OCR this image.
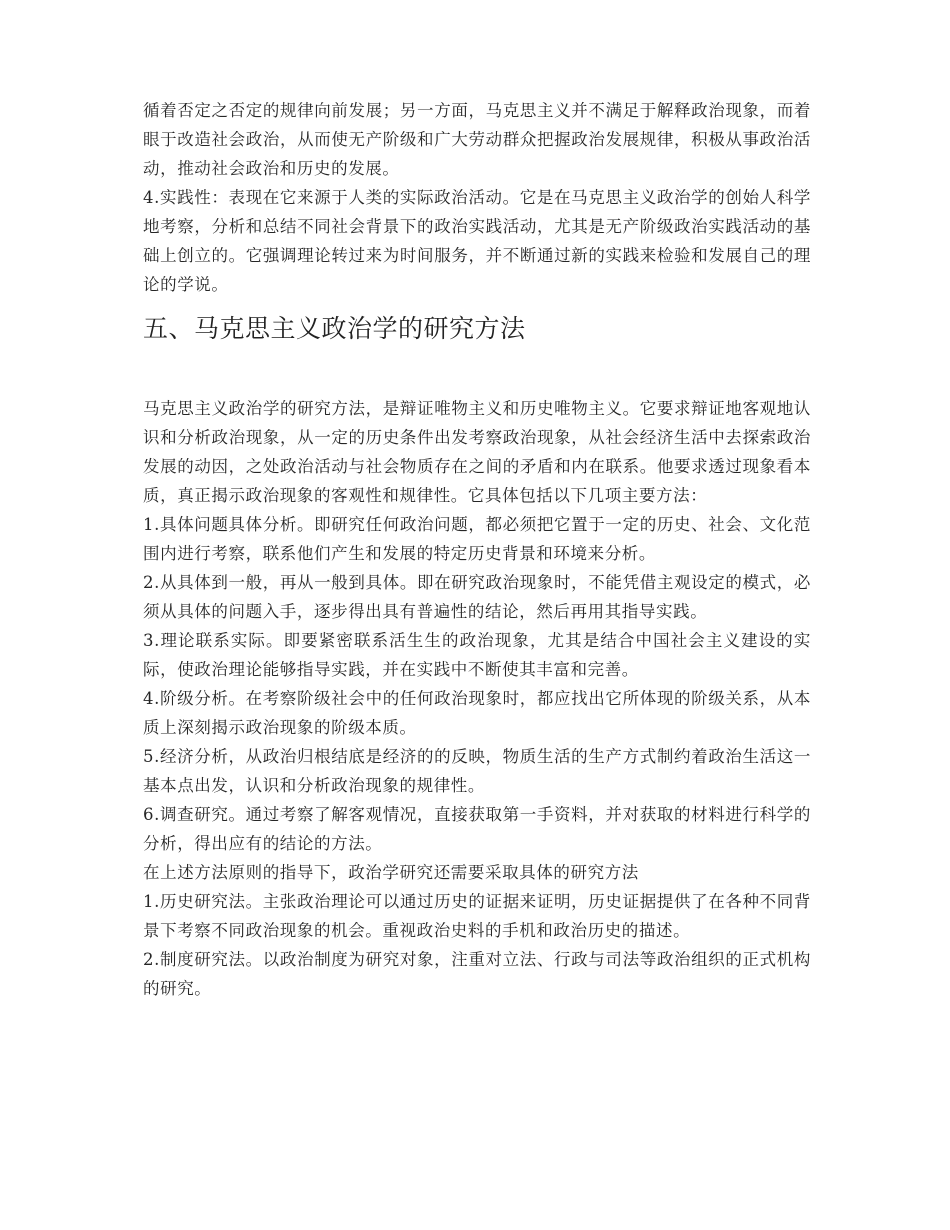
循着否定之否定的规律向前发展；另一方面，马克思主义并不满足于解释政治现象，而着眼于改造社会政治，从而使无产阶级和广大劳动群众把握政治发展规律，积极从事政治活动，推动社会政治和历史的发展。

4.实践性：表现在它来源于人类的实际政治活动。它是在马克思主义政治学的创始人科学地考察，分析和总结不同社会背景下的政治实践活动，尤其是无产阶级政治实践活动的基础上创立的。它强调理论转过来为时间服务，并不断通过新的实践来检验和发展自己的理论的学说。

五、马克思主义政治学的研究方法

马克思主义政治学的研究方法，是辩证唯物主义和历史唯物主义。它要求辩证地客观地认识和分析政治现象，从一定的历史条件出发考察政治现象，从社会经济生活中去探索政治发展的动因，之处政治活动与社会物质存在之间的矛盾和内在联系。他要求透过现象看本质，真正揭示政治现象的客观性和规律性。它具体包括以下几项主要方法：

1.具体问题具体分析。即研究任何政治问题，都必须把它置于一定的历史、社会、文化范围内进行考察，联系他们产生和发展的特定历史背景和环境来分析。

2.从具体到一般，再从一般到具体。即在研究政治现象时，不能凭借主观设定的模式，必须从具体的问题入手，逐步得出具有普遍性的结论，然后再用其指导实践。

3.理论联系实际。即要紧密联系活生生的政治现象，尤其是结合中国社会主义建设的实际，使政治理论能够指导实践，并在实践中不断使其丰富和完善。

4.阶级分析。在考察阶级社会中的任何政治现象时，都应找出它所体现的阶级关系，从本质上深刻揭示政治现象的阶级本质。

5.经济分析，从政治归根结底是经济的的反映，物质生活的生产方式制约着政治生活这一基本点出发，认识和分析政治现象的规律性。

6.调查研究。通过考察了解客观情况，直接获取第一手资料，并对获取的材料进行科学的分析，得出应有的结论的方法。

在上述方法原则的指导下，政治学研究还需要采取具体的研究方法

1.历史研究法。主张政治理论可以通过历史的证据来证明，历史证据提供了在各种不同背景下考察不同政治现象的机会。重视政治史料的手机和政治历史的描述。

2.制度研究法。以政治制度为研究对象，注重对立法、行政与司法等政治组织的正式机构的研究。
